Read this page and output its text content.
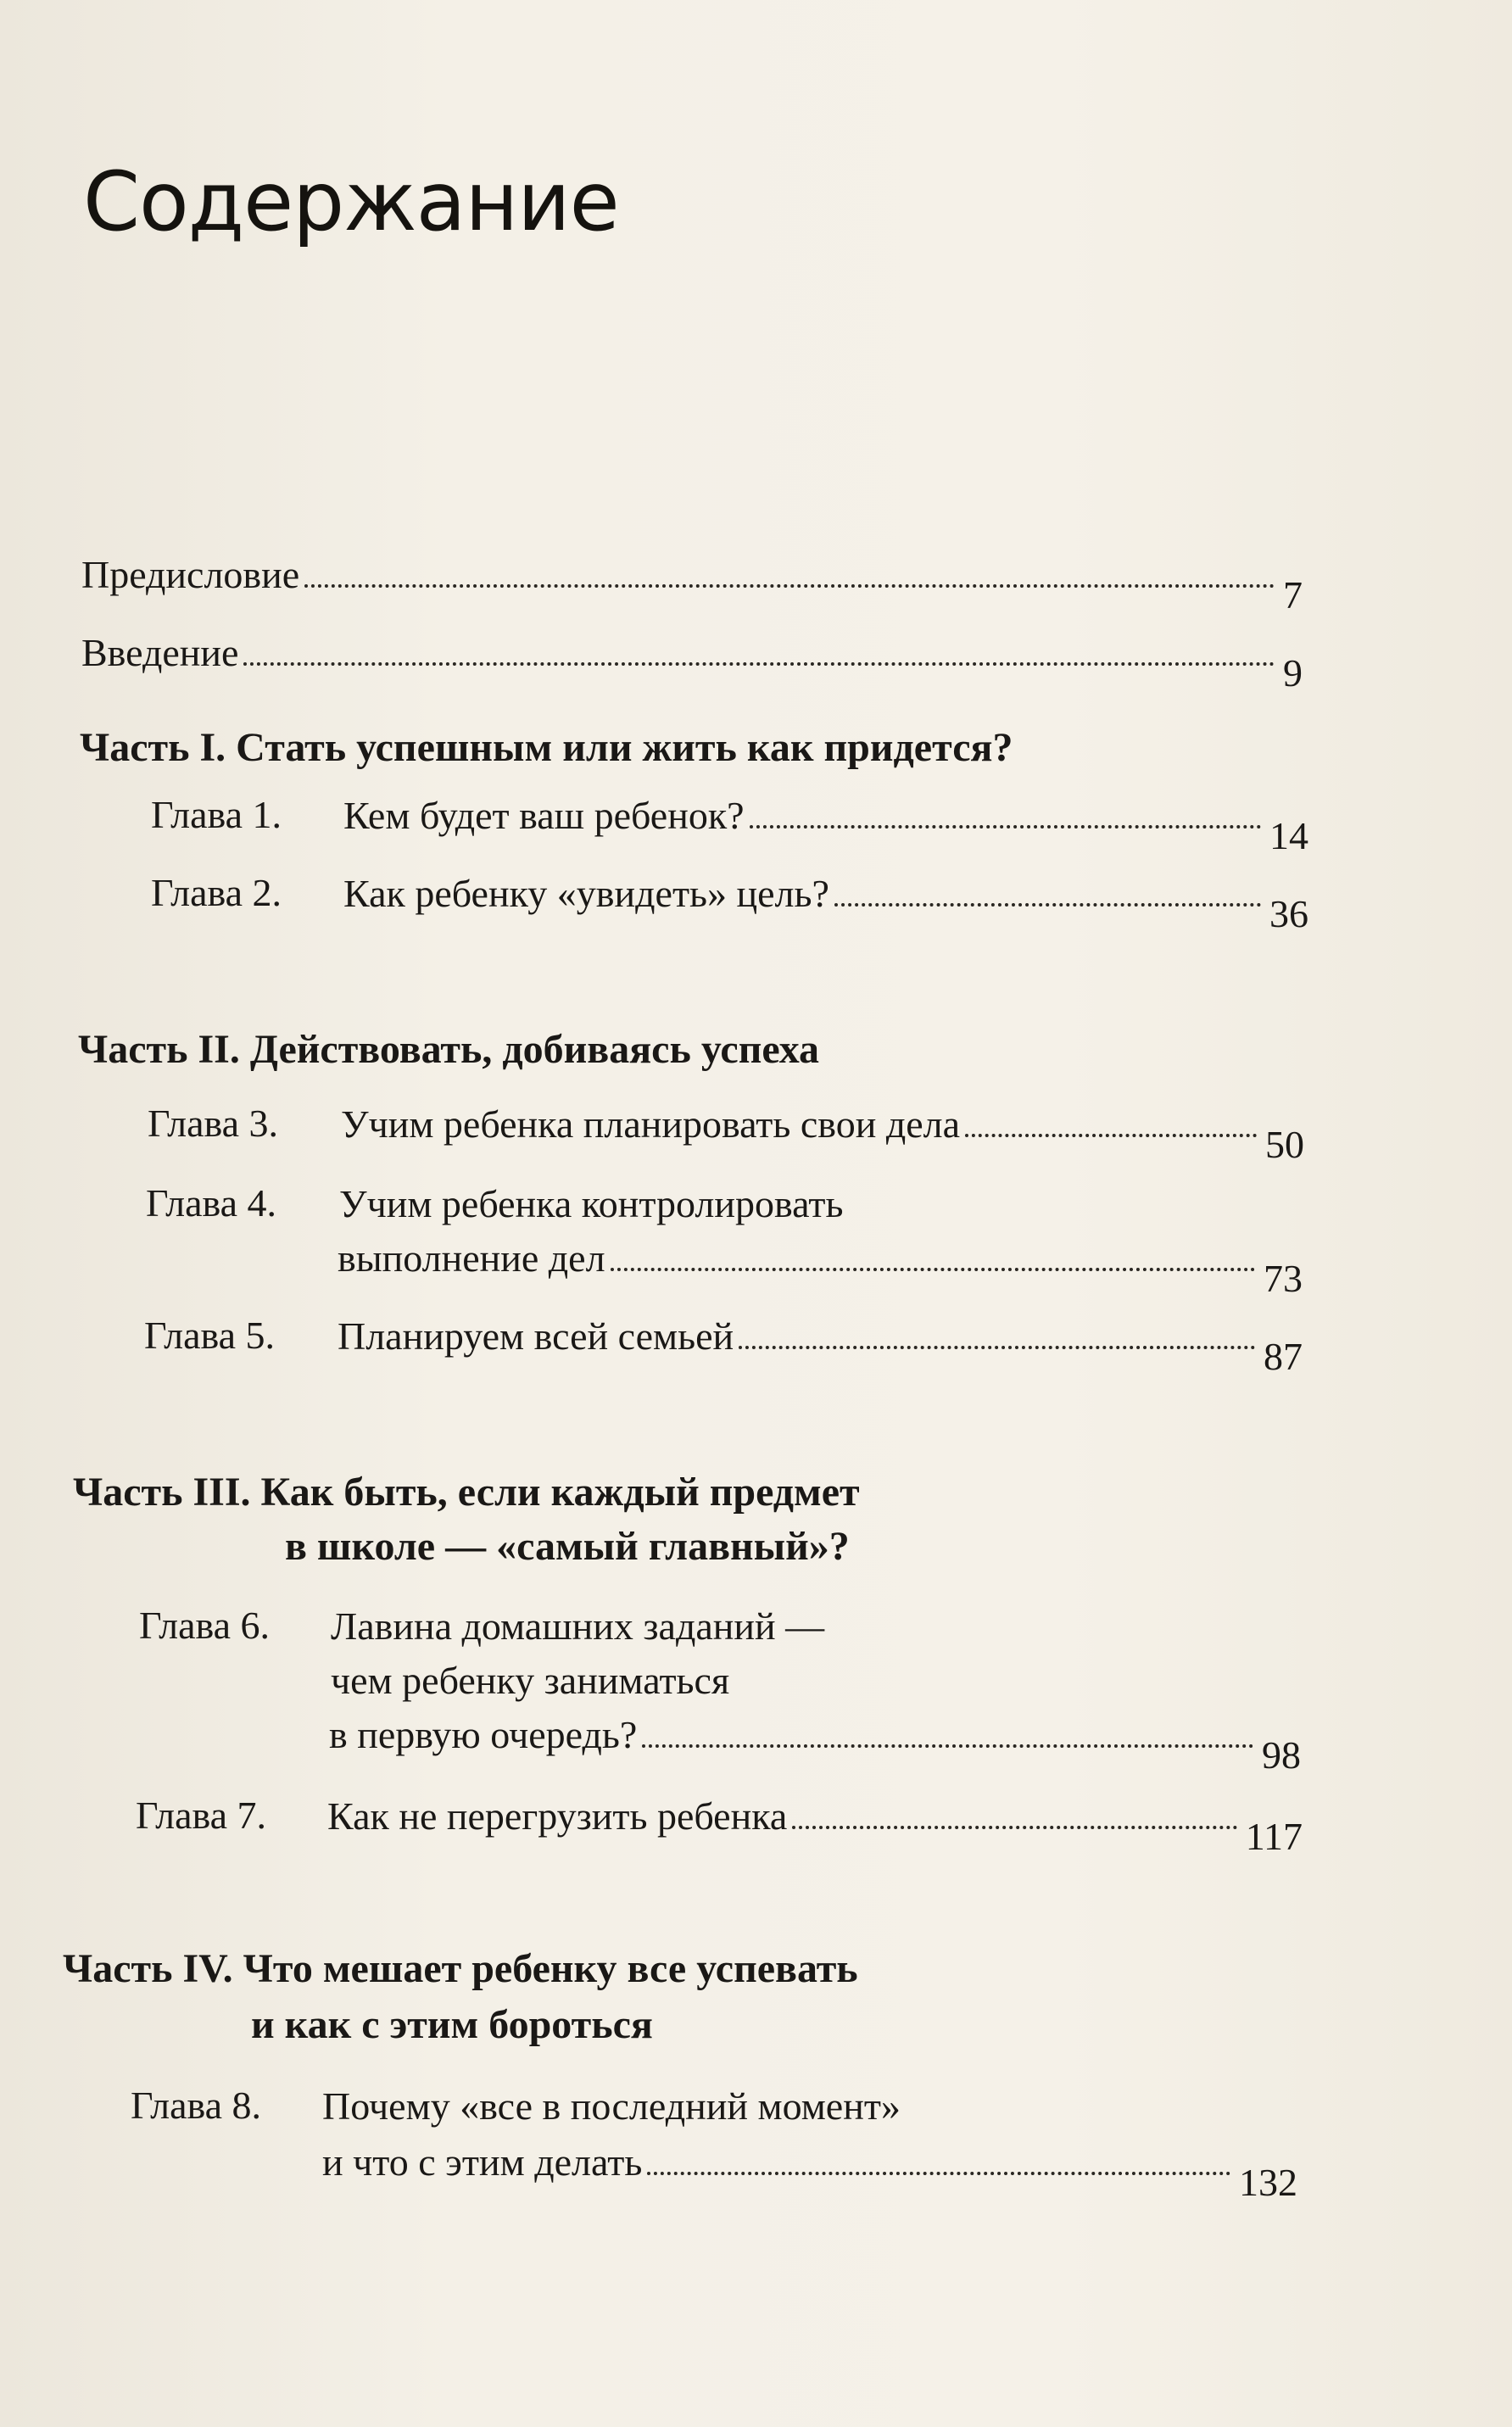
Содержание
Предисловие	7
Введение	9
Часть I. Стать успешным или жить как придется?
Глава 1. Кем будет ваш ребенок?	14
Глава 2. Как ребенку «увидеть» цель?	36
Часть II. Действовать, добиваясь успеха
Глава 3. Учим ребенка планировать свои дела	50
Глава 4. Учим ребенка контролировать
выполнение дел	73
Глава 5. Планируем всей семьей	87
Часть III. Как быть, если каждый предмет
в школе — «самый главный»?
Глава 6. Лавина домашних заданий —
чем ребенку заниматься
в первую очередь?	98
Глава 7. Как не перегрузить ребенка	117
Часть IV. Что мешает ребенку все успевать
и как с этим бороться
Глава 8. Почему «все в последний момент»
и что с этим делать	132
